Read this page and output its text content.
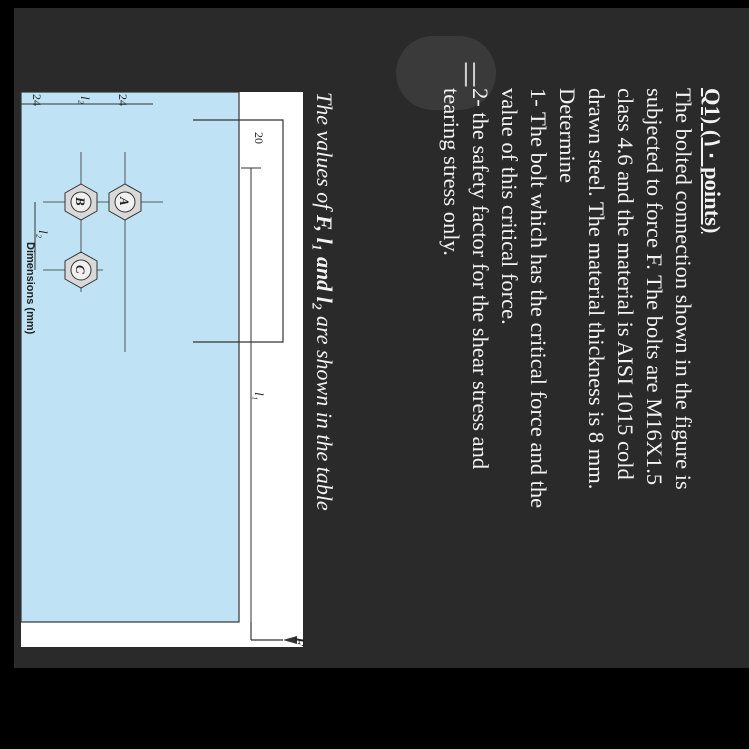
||
Q1) (١٠ points)
The bolted connection shown in the figure is
subjected to force F. The bolts are M16X1.5
class 4.6 and the material is AISI 1015 cold
drawn steel. The material thickness is 8 mm.
Determine
1- The bolt which has the critical force and the
value of this critical force.
2- the safety factor for the shear stress and
tearing stress only.
The values of F, l₁ and l₂ are shown in the table
F
20
l₁
24
l₂
24
l₂
A
B
C
Dimensions (mm)
